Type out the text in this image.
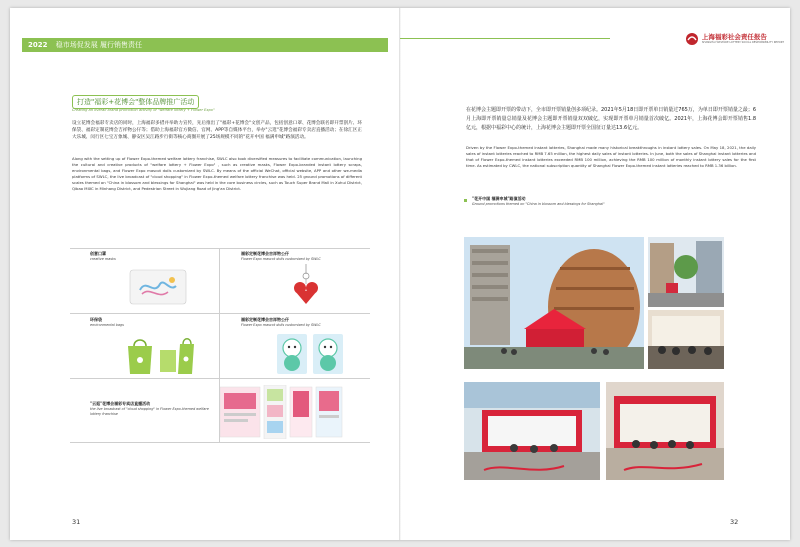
2022 稳市场促发展 履行销售责任
打造"福彩+花博会"整体品牌推广活动
Creating an overall brand promotion activity of "welfare lottery + Flower Expo"
设立花博会福彩专卖店的同时，上海福彩多措并举助力宣传，先后推出了"福彩+花博会"文创产品，包括创意口罩、花博会联名即开票刮片、环保袋、福彩定制花博会吉祥物公仔等；借助上海福彩官方微信、官网、APP等自媒体平台，举办"云逛"花博会福彩专卖店直播活动；在徐汇区正大乐城、闵行区七宝万象城、静安区吴江路步行街等核心商圈开展了25场规模不同的"花开中国 福满申城"路演活动。
Along with the setting up of Flower Expo-themed welfare lottery franchise, SWLC also took diversified measures to facilitate communication, launching the cultural and creative products of "welfare lottery + Flower Expo" , such as creative masks, Flower Expo-branded instant lottery scraps, environmental bags, and Flower Expo mascot dolls customized by SWLC. By means of the official WeChat, official website, APP and other we-media platforms of SWLC, the live broadcast of "cloud shopping" in Flower Expo-themed welfare lottery franchise was held. 25 ground promotions of different scales themed on "China in blossom and blessings for Shanghai" was held in the core business circles, such as Touch Super Brand Mall in Xuhui District, Qibao MIXC in Minhang District, and Pedestrian Street in Wujiang Road of Jing'an District.
创意口罩
creative masks
福彩定制花博会吉祥物公仔
Flower Expo mascot dolls customized by SWLC
环保袋
environmental bags
福彩定制花博会吉祥物公仔
Flower Expo mascot dolls customized by SWLC
"云逛"花博会福彩专卖店直播活动
the live broadcast of "cloud shopping" in Flower Expo-themed welfare lottery franchise
31
上海福彩社会责任报告
SHANGHAI WELFARE LOTTERY SOCIAL RESPONSIBILITY REPORT
在花博会主题即开票的带动下，全市即开票销量创多项纪录。2021年5月18日即开票单日销量过765万，为单日即开票销量之最；6月上海即开票销量总销量及花博会主题即开票销量双双破亿，实现即开票单月销量首次破亿。2021年，上海花博会即开票销售1.8亿元，根据中福彩中心的统计，上海花博会主题即开票全国征订量达13.6亿元。
Driven by the Flower Expo-themed instant lotteries, Shanghai made many historical breakthroughs in instant lottery sales. On May 18, 2021, the daily sales of instant lotteries reached to RMB 7.65 million, the highest daily sales of instant lotteries. In June, both the sales of Shanghai instant lotteries and that of Flower Expo-themed instant lotteries exceeded RMB 100 million, achieving the RMB 100 million of monthly instant lottery sales for the first time. As estimated by CWLC, the national subscription quantity of Shanghai Flower Expo-themed instant lotteries reached to RMB 1.36 billion.
"花开中国 福满申城"路演活动
Ground promotions themed on "China in blossom and blessings for Shanghai"
32
